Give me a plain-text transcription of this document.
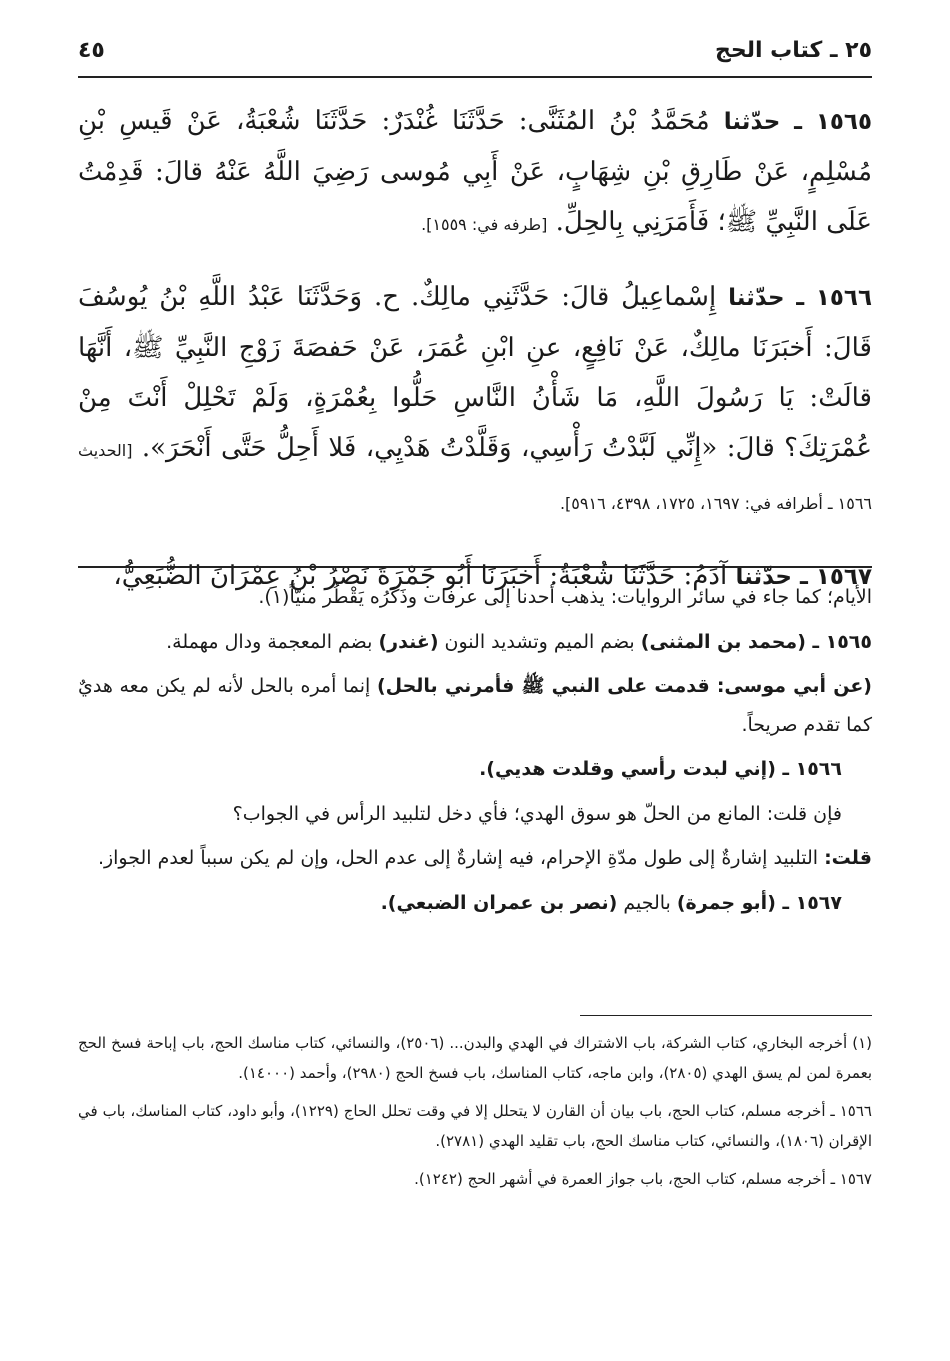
٢٥ ـ كتاب الحج
٤٥

١٥٦٥ ـ حدّثنا مُحَمَّدُ بْنُ المُثَنَّى: حَدَّثَنَا غُنْدَرٌ: حَدَّثَنَا شُعْبَةُ، عَنْ قَيسِ بْنِ مُسْلِمٍ، عَنْ طَارِقِ بْنِ شِهَابٍ، عَنْ أَبِي مُوسى رَضِيَ اللَّهُ عَنْهُ قالَ: قَدِمْتُ عَلَى النَّبِيِّ ﷺ؛ فَأَمَرَنِي بِالحِلِّ. [طرفه في: ١٥٥٩].

١٥٦٦ ـ حدّثنا إِسْماعِيلُ قالَ: حَدَّثَنِي مالِكٌ. ح. وَحَدَّثَنَا عَبْدُ اللَّهِ بْنُ يُوسُفَ قَالَ: أَخبَرَنَا مالِكٌ، عَنْ نَافِعٍ، عنِ ابْنِ عُمَرَ، عَنْ حَفصَةَ زَوْجِ النَّبِيِّ ﷺ، أَنَّهَا قالَتْ: يَا رَسُولَ اللَّهِ، مَا شَأْنُ النَّاسِ حَلُّوا بِعُمْرَةٍ، وَلَمْ تَحْلِلْ أَنْتَ مِنْ عُمْرَتِكَ؟ قالَ: «إِنِّي لَبَّدْتُ رَأْسِي، وَقَلَّدْتُ هَدْيِي، فَلا أَحِلُّ حَتَّى أَنْحَرَ». [الحديث ١٥٦٦ ـ أطرافه في: ١٦٩٧، ١٧٢٥، ٤٣٩٨، ٥٩١٦].

١٥٦٧ ـ حدّثنا آدَمُ: حَدَّثَنَا شُعْبَةُ: أَخبَرَنَا أَبُو جَمْرَةَ نَصْرُ بْنُ عِمْرَانَ الضُّبَعِيُّ،

الأيام؛ كما جاء في سائر الروايات: يذهب أحدنا إلى عرفات وذَكَرُه يَقْطُر منيّاً(١).

١٥٦٥ ـ (محمد بن المثنى) بضم الميم وتشديد النون (غندر) بضم المعجمة ودال مهملة.

(عن أبي موسى: قدمت على النبي ﷺ فأمرني بالحل) إنما أمره بالحل لأنه لم يكن معه هديٌ كما تقدم صريحاً.

١٥٦٦ ـ (إني لبدت رأسي وقلدت هديي).

فإن قلت: المانع من الحلّ هو سوق الهدي؛ فأي دخل لتلبيد الرأس في الجواب؟

قلت: التلبيد إشارةٌ إلى طول مدّةِ الإحرام، فيه إشارةٌ إلى عدم الحل، وإن لم يكن سبباً لعدم الجواز.

١٥٦٧ ـ (أبو جمرة) بالجيم (نصر بن عمران الضبعي).

(١) أخرجه البخاري، كتاب الشركة، باب الاشتراك في الهدي والبدن... (٢٥٠٦)، والنسائي، كتاب مناسك الحج، باب إباحة فسخ الحج بعمرة لمن لم يسق الهدي (٢٨٠٥)، وابن ماجه، كتاب المناسك، باب فسخ الحج (٢٩٨٠)، وأحمد (١٤٠٠٠).

١٥٦٦ ـ أخرجه مسلم، كتاب الحج، باب بيان أن القارن لا يتحلل إلا في وقت تحلل الحاج (١٢٢٩)، وأبو داود، كتاب المناسك، باب في الإقران (١٨٠٦)، والنسائي، كتاب مناسك الحج، باب تقليد الهدي (٢٧٨١).

١٥٦٧ ـ أخرجه مسلم، كتاب الحج، باب جواز العمرة في أشهر الحج (١٢٤٢).
